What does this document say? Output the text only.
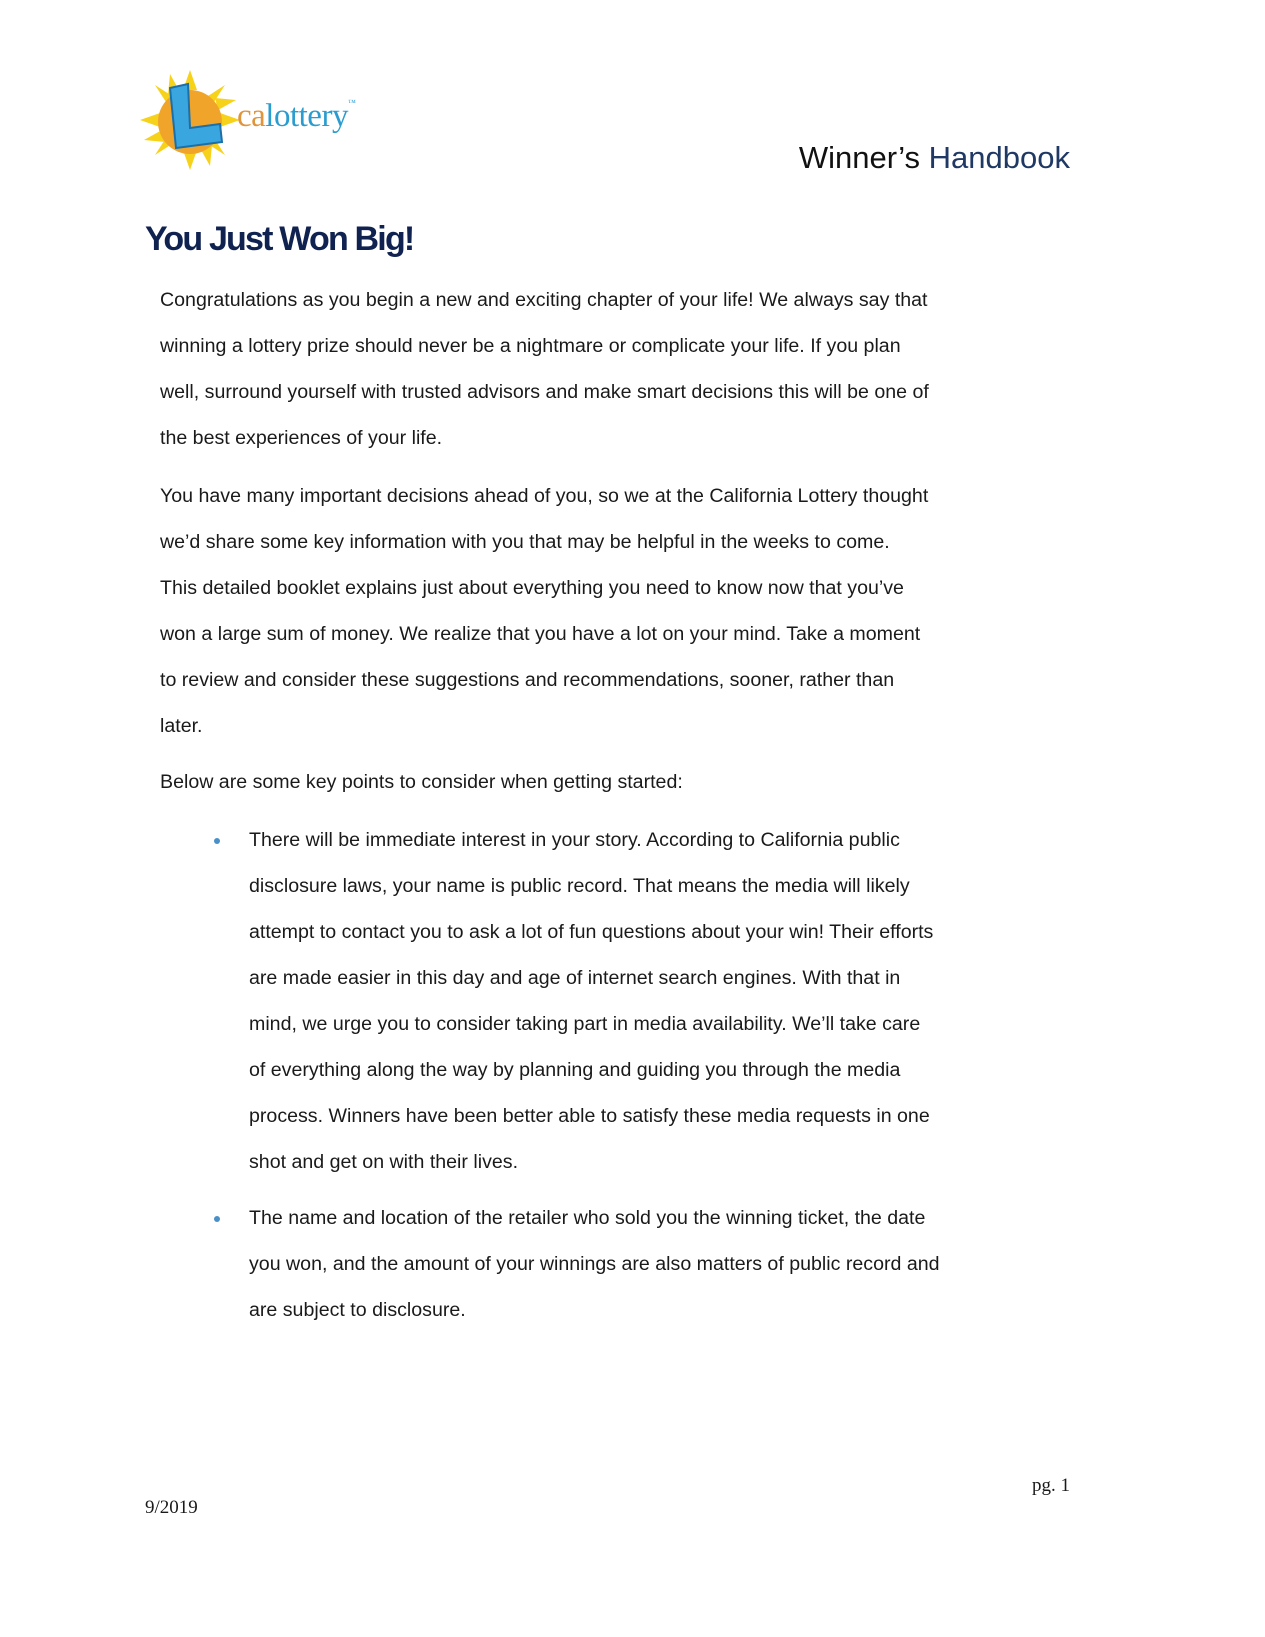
calottery™
Winner’s Handbook
You Just Won Big!
Congratulations as you begin a new and exciting chapter of your life! We always say that
winning a lottery prize should never be a nightmare or complicate your life. If you plan
well, surround yourself with trusted advisors and make smart decisions this will be one of
the best experiences of your life.
You have many important decisions ahead of you, so we at the California Lottery thought
we’d share some key information with you that may be helpful in the weeks to come.
This detailed booklet explains just about everything you need to know now that you’ve
won a large sum of money. We realize that you have a lot on your mind. Take a moment
to review and consider these suggestions and recommendations, sooner, rather than
later.
Below are some key points to consider when getting started:
There will be immediate interest in your story. According to California public
disclosure laws, your name is public record. That means the media will likely
attempt to contact you to ask a lot of fun questions about your win! Their efforts
are made easier in this day and age of internet search engines. With that in
mind, we urge you to consider taking part in media availability. We’ll take care
of everything along the way by planning and guiding you through the media
process. Winners have been better able to satisfy these media requests in one
shot and get on with their lives.
The name and location of the retailer who sold you the winning ticket, the date
you won, and the amount of your winnings are also matters of public record and
are subject to disclosure.
pg. 1
9/2019
